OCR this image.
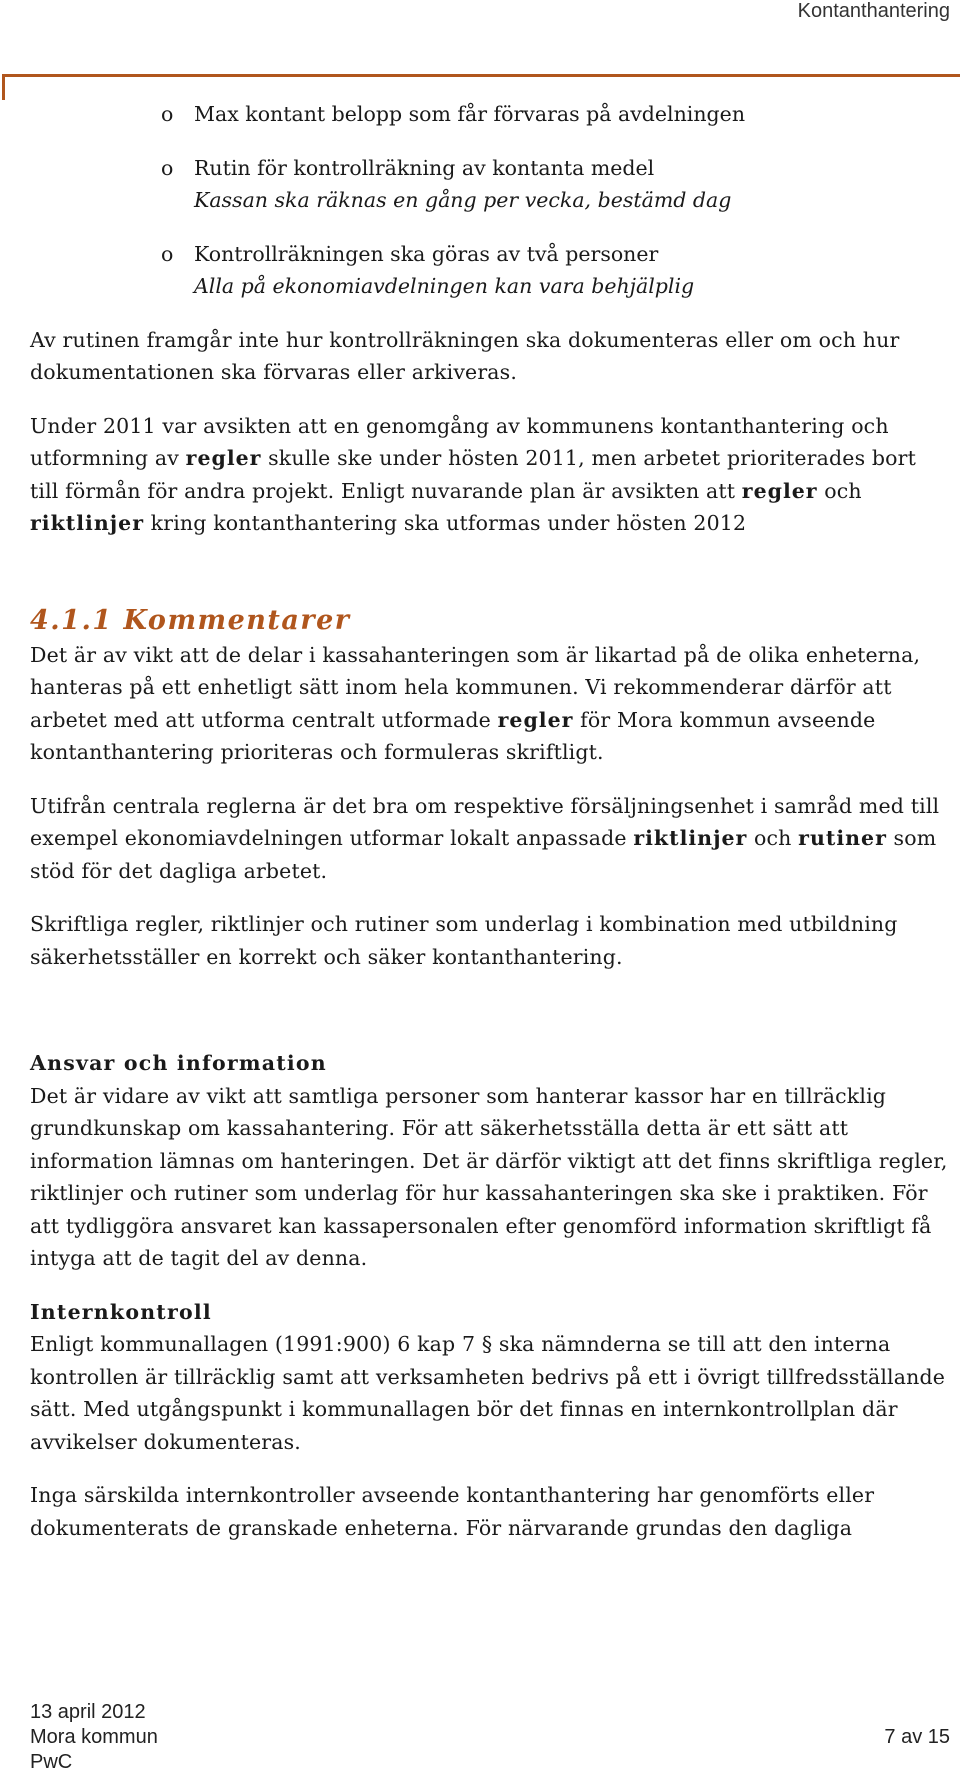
Kontanthantering
o Max kontant belopp som får förvaras på avdelningen
o Rutin för kontrollräkning av kontanta medel
Kassan ska räknas en gång per vecka, bestämd dag
o Kontrollräkningen ska göras av två personer
Alla på ekonomiavdelningen kan vara behjälplig

Av rutinen framgår inte hur kontrollräkningen ska dokumenteras eller om och hur dokumentationen ska förvaras eller arkiveras.

Under 2011 var avsikten att en genomgång av kommunens kontanthantering och utformning av regler skulle ske under hösten 2011, men arbetet prioriterades bort till förmån för andra projekt. Enligt nuvarande plan är avsikten att regler och riktlinjer kring kontanthantering ska utformas under hösten 2012

4.1.1 Kommentarer

Det är av vikt att de delar i kassahanteringen som är likartad på de olika enheterna, hanteras på ett enhetligt sätt inom hela kommunen. Vi rekommenderar därför att arbetet med att utforma centralt utformade regler för Mora kommun avseende kontanthantering prioriteras och formuleras skriftligt.

Utifrån centrala reglerna är det bra om respektive försäljningsenhet i samråd med till exempel ekonomiavdelningen utformar lokalt anpassade riktlinjer och rutiner som stöd för det dagliga arbetet.

Skriftliga regler, riktlinjer och rutiner som underlag i kombination med utbildning säkerhetsställer en korrekt och säker kontanthantering.

Ansvar och information

Det är vidare av vikt att samtliga personer som hanterar kassor har en tillräcklig grundkunskap om kassahantering. För att säkerhetsställa detta är ett sätt att information lämnas om hanteringen. Det är därför viktigt att det finns skriftliga regler, riktlinjer och rutiner som underlag för hur kassahanteringen ska ske i praktiken. För att tydliggöra ansvaret kan kassapersonalen efter genomförd information skriftligt få intyga att de tagit del av denna.

Internkontroll

Enligt kommunallagen (1991:900) 6 kap 7 § ska nämnderna se till att den interna kontrollen är tillräcklig samt att verksamheten bedrivs på ett i övrigt tillfredsställande sätt. Med utgångspunkt i kommunallagen bör det finnas en internkontrollplan där avvikelser dokumenteras.

Inga särskilda internkontroller avseende kontanthantering har genomförts eller dokumenterats de granskade enheterna. För närvarande grundas den dagliga

13 april 2012
Mora kommun
PwC
7 av 15
